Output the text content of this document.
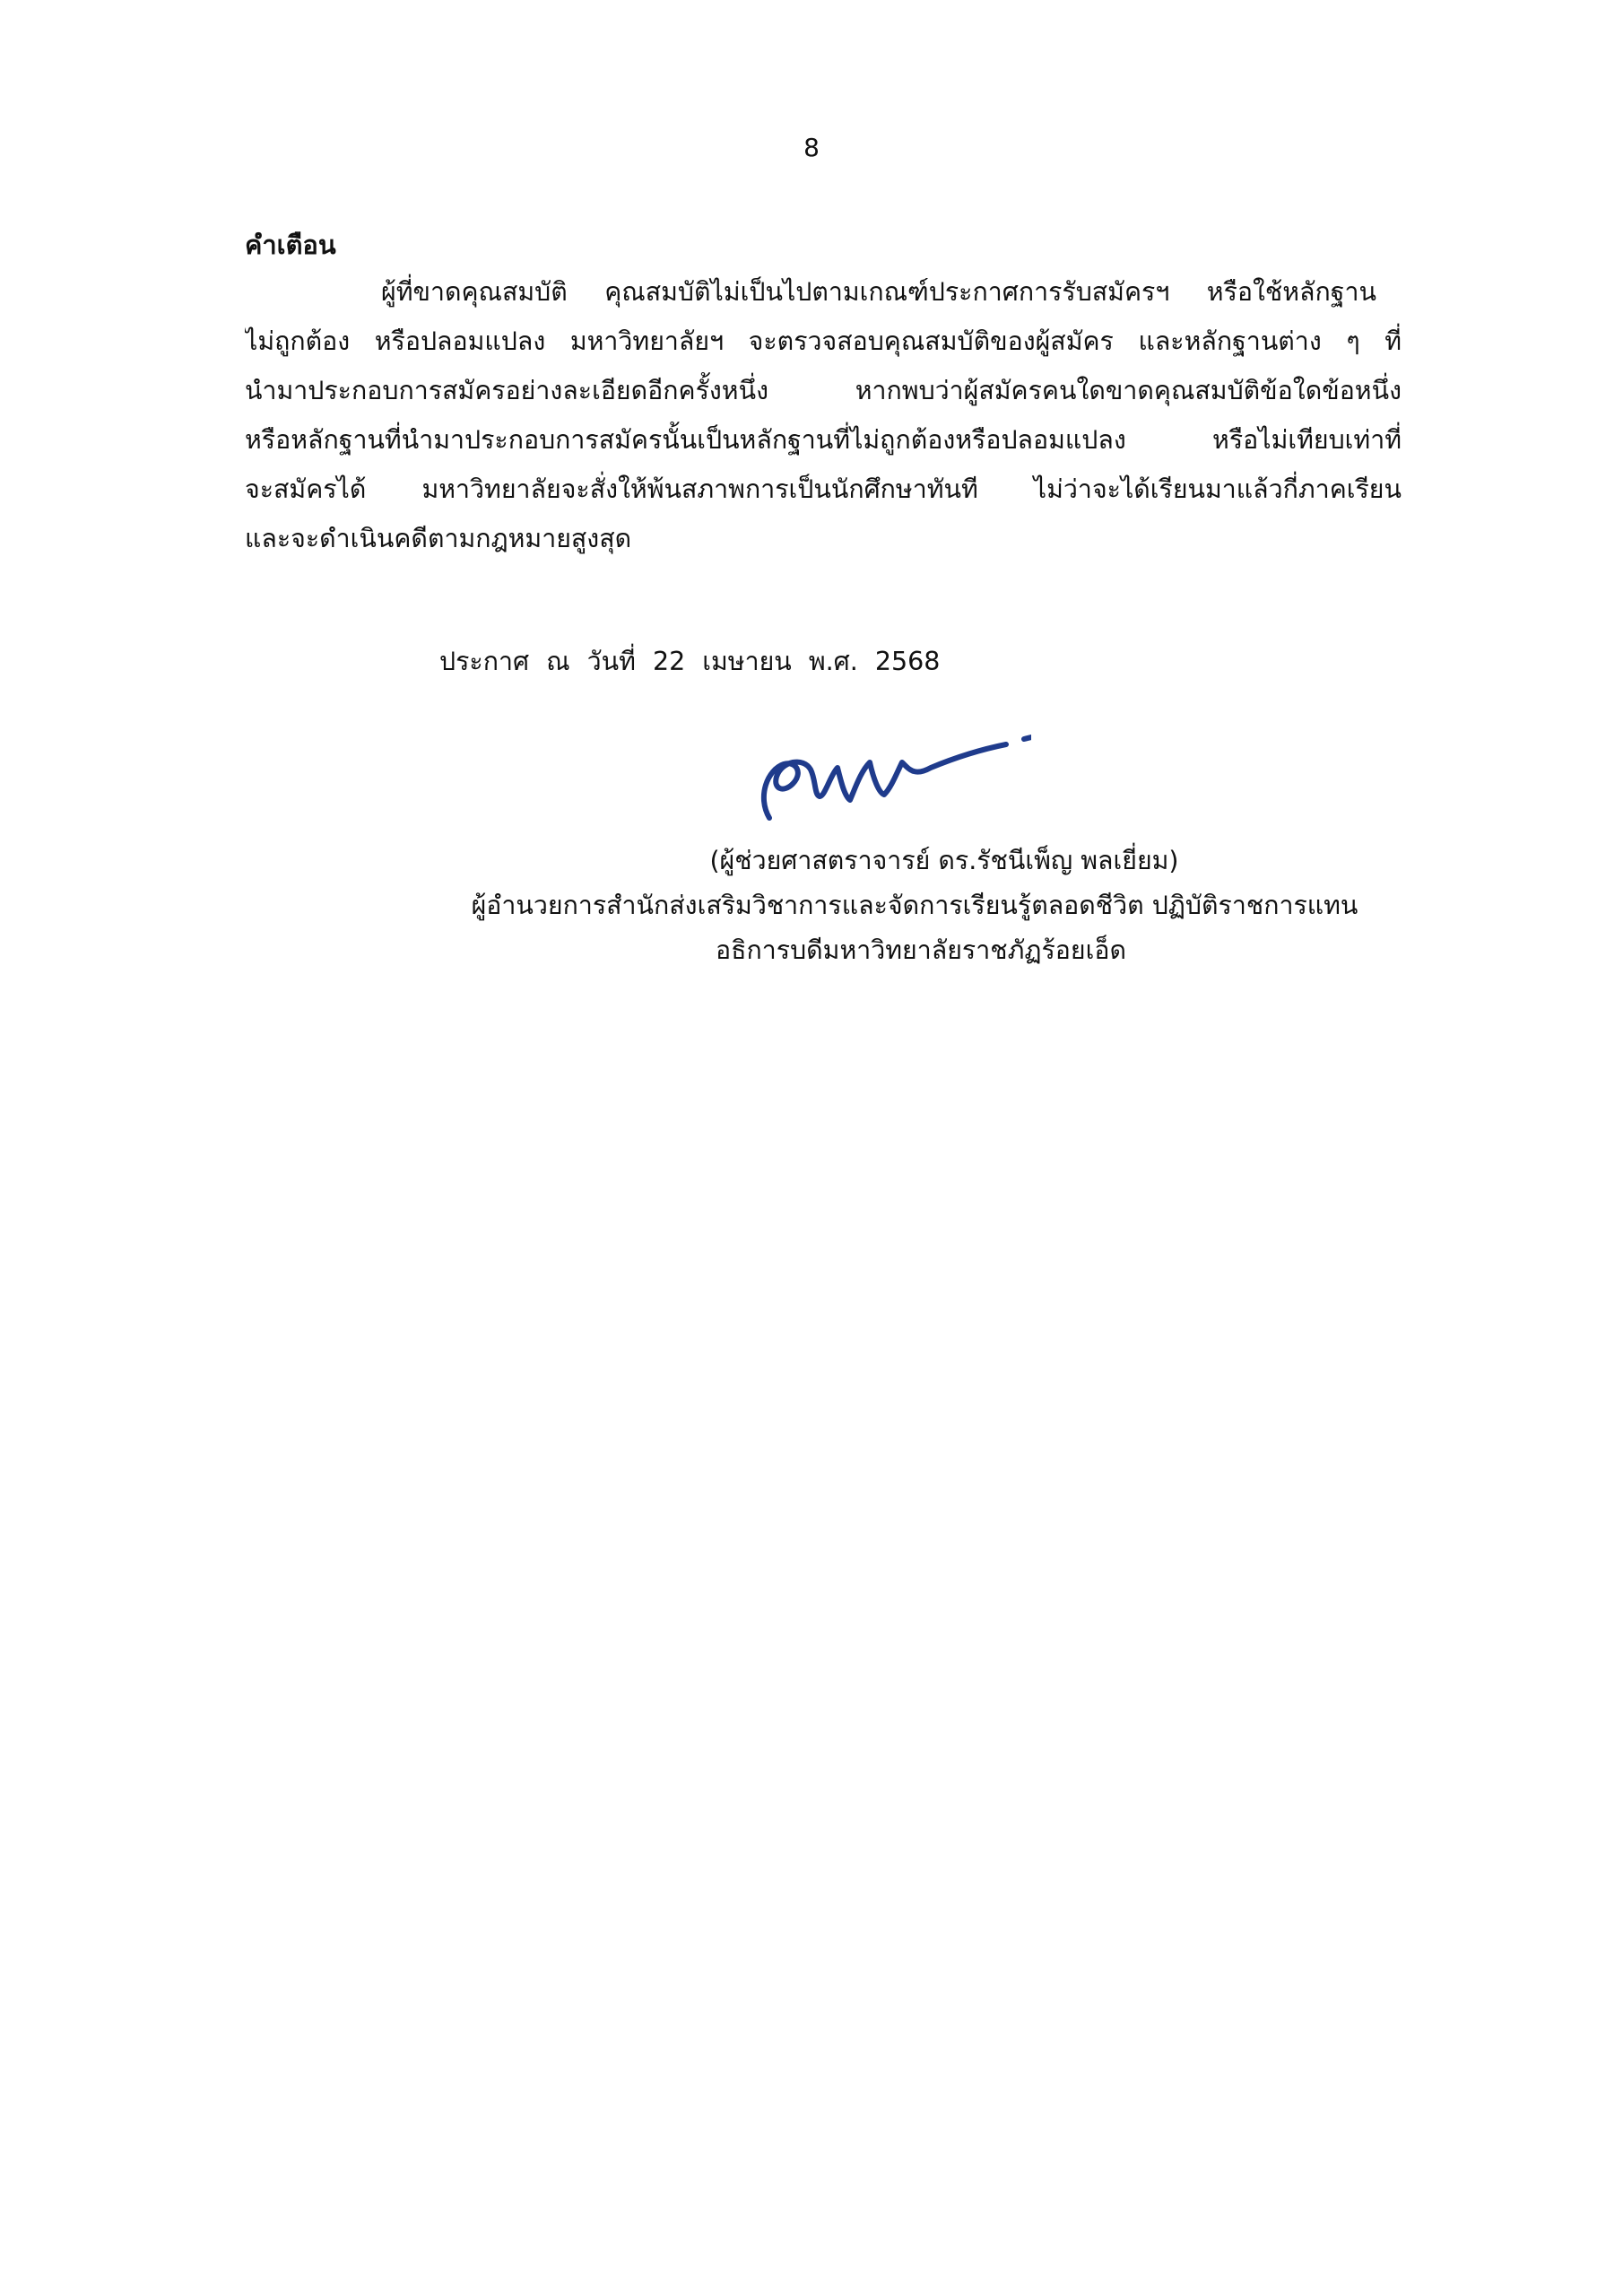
8
คำเตือน
ผู้ที่ขาดคุณสมบัติ คุณสมบัติไม่เป็นไปตามเกณฑ์ประกาศการรับสมัครฯ หรือใช้หลักฐาน
ไม่ถูกต้อง หรือปลอมแปลง มหาวิทยาลัยฯ จะตรวจสอบคุณสมบัติของผู้สมัคร และหลักฐานต่าง ๆ ที่
นำมาประกอบการสมัครอย่างละเอียดอีกครั้งหนึ่ง หากพบว่าผู้สมัครคนใดขาดคุณสมบัติข้อใดข้อหนึ่ง
หรือหลักฐานที่นำมาประกอบการสมัครนั้นเป็นหลักฐานที่ไม่ถูกต้องหรือปลอมแปลง หรือไม่เทียบเท่าที่
จะสมัครได้ มหาวิทยาลัยจะสั่งให้พ้นสภาพการเป็นนักศึกษาทันที ไม่ว่าจะได้เรียนมาแล้วกี่ภาคเรียน
และจะดำเนินคดีตามกฎหมายสูงสุด
ประกาศ ณ วันที่ 22 เมษายน พ.ศ. 2568
(ผู้ช่วยศาสตราจารย์ ดร.รัชนีเพ็ญ พลเยี่ยม)
ผู้อำนวยการสำนักส่งเสริมวิชาการและจัดการเรียนรู้ตลอดชีวิต ปฏิบัติราชการแทน
อธิการบดีมหาวิทยาลัยราชภัฏร้อยเอ็ด
